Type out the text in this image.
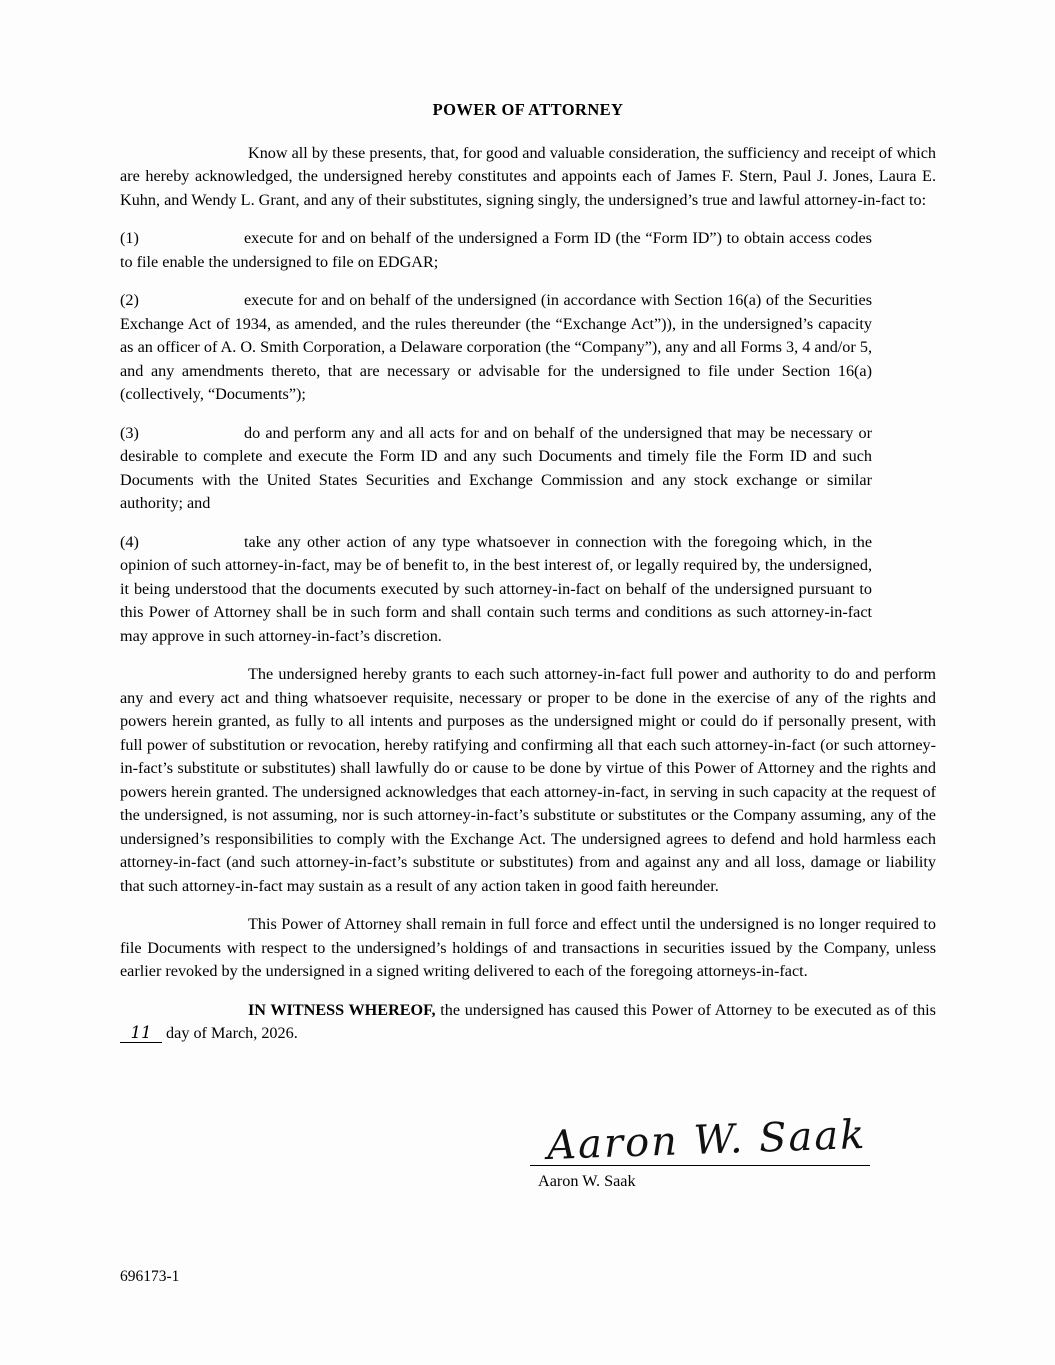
POWER OF ATTORNEY

Know all by these presents, that, for good and valuable consideration, the sufficiency and receipt of which are hereby acknowledged, the undersigned hereby constitutes and appoints each of James F. Stern, Paul J. Jones, Laura E. Kuhn, and Wendy L. Grant, and any of their substitutes, signing singly, the undersigned’s true and lawful attorney-in-fact to:

(1)	execute for and on behalf of the undersigned a Form ID (the “Form ID”) to obtain access codes to file enable the undersigned to file on EDGAR;

(2)	execute for and on behalf of the undersigned (in accordance with Section 16(a) of the Securities Exchange Act of 1934, as amended, and the rules thereunder (the “Exchange Act”)), in the undersigned’s capacity as an officer of A. O. Smith Corporation, a Delaware corporation (the “Company”), any and all Forms 3, 4 and/or 5, and any amendments thereto, that are necessary or advisable for the undersigned to file under Section 16(a) (collectively, “Documents”);

(3)	do and perform any and all acts for and on behalf of the undersigned that may be necessary or desirable to complete and execute the Form ID and any such Documents and timely file the Form ID and such Documents with the United States Securities and Exchange Commission and any stock exchange or similar authority; and

(4)	take any other action of any type whatsoever in connection with the foregoing which, in the opinion of such attorney-in-fact, may be of benefit to, in the best interest of, or legally required by, the undersigned, it being understood that the documents executed by such attorney-in-fact on behalf of the undersigned pursuant to this Power of Attorney shall be in such form and shall contain such terms and conditions as such attorney-in-fact may approve in such attorney-in-fact’s discretion.

The undersigned hereby grants to each such attorney-in-fact full power and authority to do and perform any and every act and thing whatsoever requisite, necessary or proper to be done in the exercise of any of the rights and powers herein granted, as fully to all intents and purposes as the undersigned might or could do if personally present, with full power of substitution or revocation, hereby ratifying and confirming all that each such attorney-in-fact (or such attorney-in-fact’s substitute or substitutes) shall lawfully do or cause to be done by virtue of this Power of Attorney and the rights and powers herein granted. The undersigned acknowledges that each attorney-in-fact, in serving in such capacity at the request of the undersigned, is not assuming, nor is such attorney-in-fact’s substitute or substitutes or the Company assuming, any of the undersigned’s responsibilities to comply with the Exchange Act. The undersigned agrees to defend and hold harmless each attorney-in-fact (and such attorney-in-fact’s substitute or substitutes) from and against any and all loss, damage or liability that such attorney-in-fact may sustain as a result of any action taken in good faith hereunder.

This Power of Attorney shall remain in full force and effect until the undersigned is no longer required to file Documents with respect to the undersigned’s holdings of and transactions in securities issued by the Company, unless earlier revoked by the undersigned in a signed writing delivered to each of the foregoing attorneys-in-fact.

IN WITNESS WHEREOF, the undersigned has caused this Power of Attorney to be executed as of this 11 day of March, 2026.

Aaron W. Saak
Aaron W. Saak
696173-1
